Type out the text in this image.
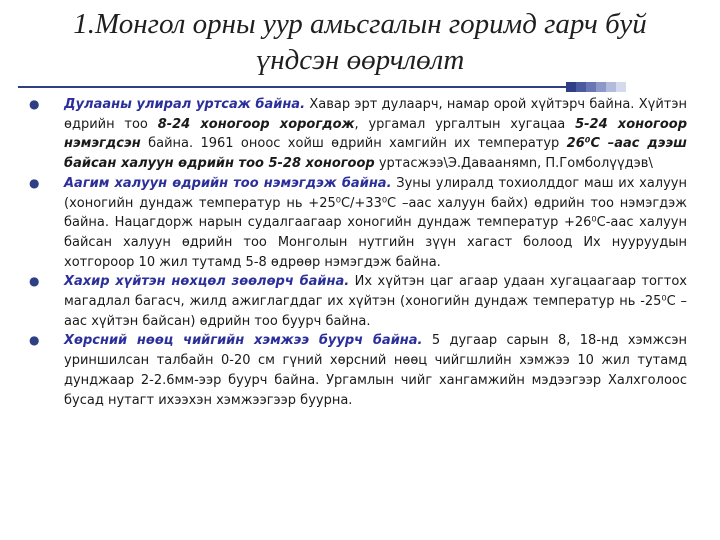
1.Монгол орны уур амьсгалын горимд гарч буй
үндсэн өөрчлөлт
●	Дулааны улирал уртсаж байна. Хавар эрт дулаарч, намар орой хүйтэрч байна. Хүйтэн өдрийн тоо 8-24 хоногоор хорогдож, ургамал ургалтын хугацаа 5-24 хоногоор нэмэгдсэн байна. 1961 оноос хойш өдрийн хамгийн их температур 26⁰С –аас дээш байсан халуун өдрийн тоо 5-28 хоногоор уртасжээ\Э.Даваанямn, П.Гомболүүдэв\
●	Аагим халуун өдрийн тоо нэмэгдэж байна. Зуны улиралд тохиолддог маш их халуун (хоногийн дундаж температур нь +25⁰С/+33⁰С –аас халуун байх) өдрийн тоо нэмэгдэж байна. Нацагдорж нарын судалгаагаар хоногийн дундаж температур +26⁰С-аас халуун байсан халуун өдрийн тоо Монголын нутгийн зүүн хагаст болоод Их нууруудын хотгороор 10 жил тутамд 5-8 өдрөөр нэмэгдэж байна.
●	Хахир хүйтэн нөхцөл зөөлөрч байна. Их хүйтэн цаг агаар удаан хугацаагаар тогтох магадлал багасч, жилд ажиглагддаг их хүйтэн (хоногийн дундаж температур нь -25⁰С –аас хүйтэн байсан) өдрийн тоо буурч байна.
●	Хөрсний нөөц чийгийн хэмжээ буурч байна. 5 дугаар сарын 8, 18-нд хэмжсэн уриншилсан талбайн 0-20 см гүний хөрсний нөөц чийгшлийн хэмжээ 10 жил тутамд дунджаар 2-2.6мм-ээр буурч байна. Ургамлын чийг хангамжийн мэдээгээр Халхголоос бусад нутагт ихээхэн хэмжээгээр буурна.
